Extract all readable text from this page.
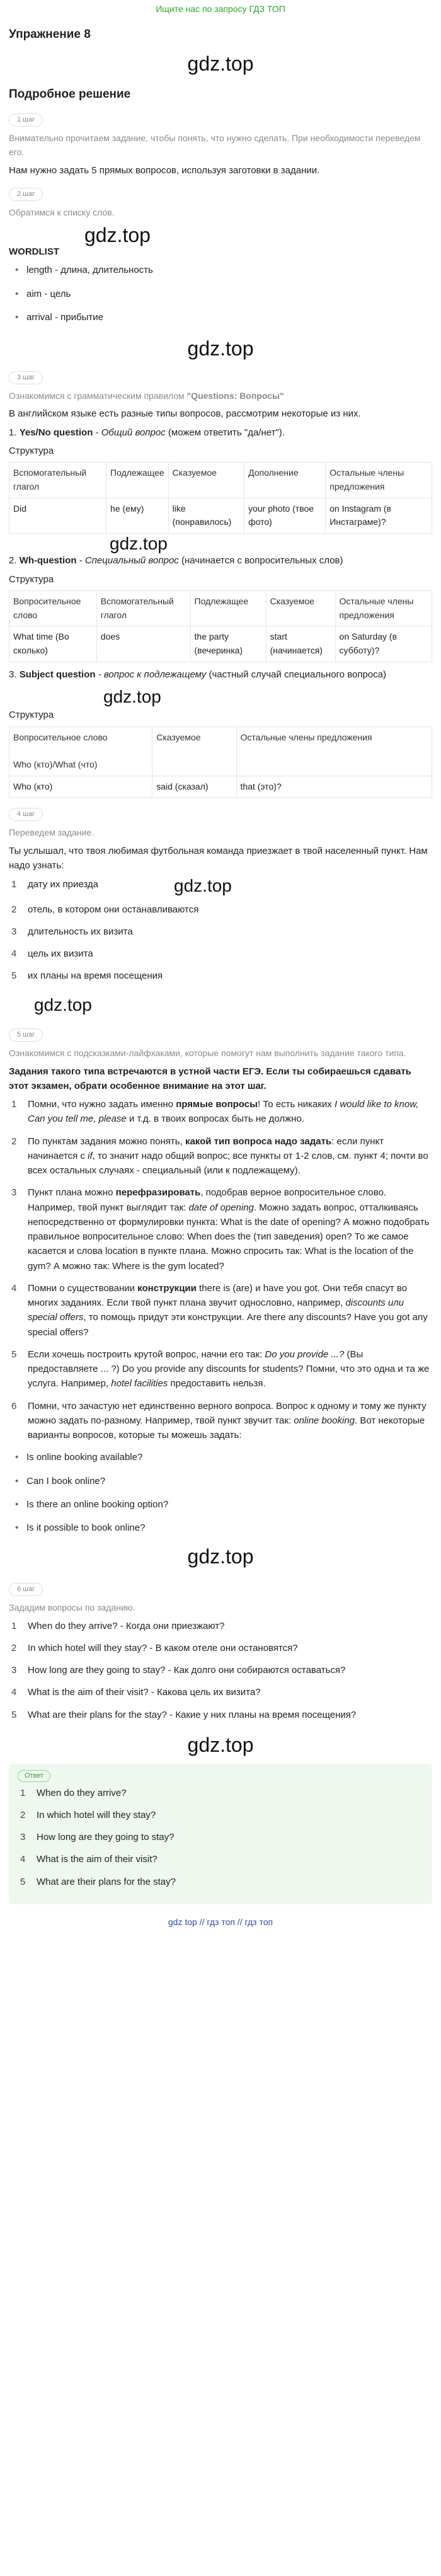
Ищите нас по запросу ГДЗ ТОП
Упражнение 8
gdz.top
Подробное решение
1 шаг

Внимательно прочитаем задание, чтобы понять, что нужно сделать. При необходимости переведем его.

Нам нужно задать 5 прямых вопросов, используя заготовки в задании.

2 шаг

Обратимся к списку слов.

gdz.top

WORDLIST

• length - длина, длительность
• aim - цель
• arrival - прибытие
gdz.top
3 шаг

Ознакомимся с грамматическим правилом "Questions: Вопросы"

В английском языке есть разные типы вопросов, рассмотрим некоторые из них.

1. Yes/No question - Общий вопрос (можем ответить "да/нет").

Структура

Вспомогательный глагол	Подлежащее	Сказуемое	Дополнение	Остальные члены предложения
Did	he (ему)	like (понравилось)	your photo (твое фото)	on Instagram (в Инстаграме)?
gdz.top

2. Wh-question - Специальный вопрос (начинается с вопросительных слов)

Структура

Вопросительное слово	Вспомогательный глагол	Подлежащее	Сказуемое	Остальные члены предложения
What time (Во сколько)	does	the party (вечеринка)	start (начинается)	on Saturday (в субботу)?

3. Subject question - вопрос к подлежащему (частный случай специального вопроса)

gdz.top

Структура

Вопросительное слово

Who (кто)/What (что)	Сказуемое	Остальные члены предложения
Who (кто)	said (сказал)	that (это)?
4 шаг

Переведем задание.

Ты услышал, что твоя любимая футбольная команда приезжает в твой населенный пункт. Нам надо узнать:

1	дату их приезда	gdz.top
2	отель, в котором они останавливаются
3	длительность их визита
4	цель их визита
5	их планы на время посещения
gdz.top
5 шаг

Ознакомимся с подсказками-лайфхаками, которые помогут нам выполнить задание такого типа.

Задания такого типа встречаются в устной части ЕГЭ. Если ты собираешься сдавать этот экзамен, обрати особенное внимание на этот шаг.

1	Помни, что нужно задать именно прямые вопросы! То есть никаких I would like to know, Can you tell me, please и т.д. в твоих вопросах быть не должно.
2	По пунктам задания можно понять, какой тип вопроса надо задать: если пункт начинается с if, то значит надо общий вопрос; все пункты от 1-2 слов, см. пункт 4; почти во всех остальных случаях - специальный (или к подлежащему).
3	Пункт плана можно перефразировать, подобрав верное вопросительное слово. Например, твой пункт выглядит так: date of opening. Можно задать вопрос, отталкиваясь непосредственно от формулировки пункта: What is the date of opening? А можно подобрать правильное вопросительное слово: When does the (тип заведения) open? То же самое касается и слова location в пункте плана. Можно спросить так: What is the location of the gym? А можно так: Where is the gym located?
4	Помни о существовании конструкции there is (are) и have you got. Они тебя спасут во многих заданиях. Если твой пункт плана звучит однословно, например, discounts или special offers, то помощь придут эти конструкции. Are there any discounts? Have you got any special offers?
5	Если хочешь построить крутой вопрос, начни его так: Do you provide ...? (Вы предоставляете ... ?) Do you provide any discounts for students? Помни, что это одна и та же услуга. Например, hotel facilities предоставить нельзя.
6	Помни, что зачастую нет единственно верного вопроса. Вопрос к одному и тому же пункту можно задать по-разному. Например, твой пункт звучит так: online booking. Вот некоторые варианты вопросов, которые ты можешь задать:
• Is online booking available?
• Can I book online?
• Is there an online booking option?
• Is it possible to book online?
gdz.top
6 шаг

Зададим вопросы по заданию.

1	When do they arrive? - Когда они приезжают?
2	In which hotel will they stay? - В каком отеле они остановятся?
3	How long are they going to stay? - Как долго они собираются оставаться?
4	What is the aim of their visit? - Какова цель их визита?
5	What are their plans for the stay? - Какие у них планы на время посещения?
gdz.top
Ответ
1	When do they arrive?
2	In which hotel will they stay?
3	How long are they going to stay?
4	What is the aim of their visit?
5	What are their plans for the stay?
gdz top // гдз топ // гдз топ
